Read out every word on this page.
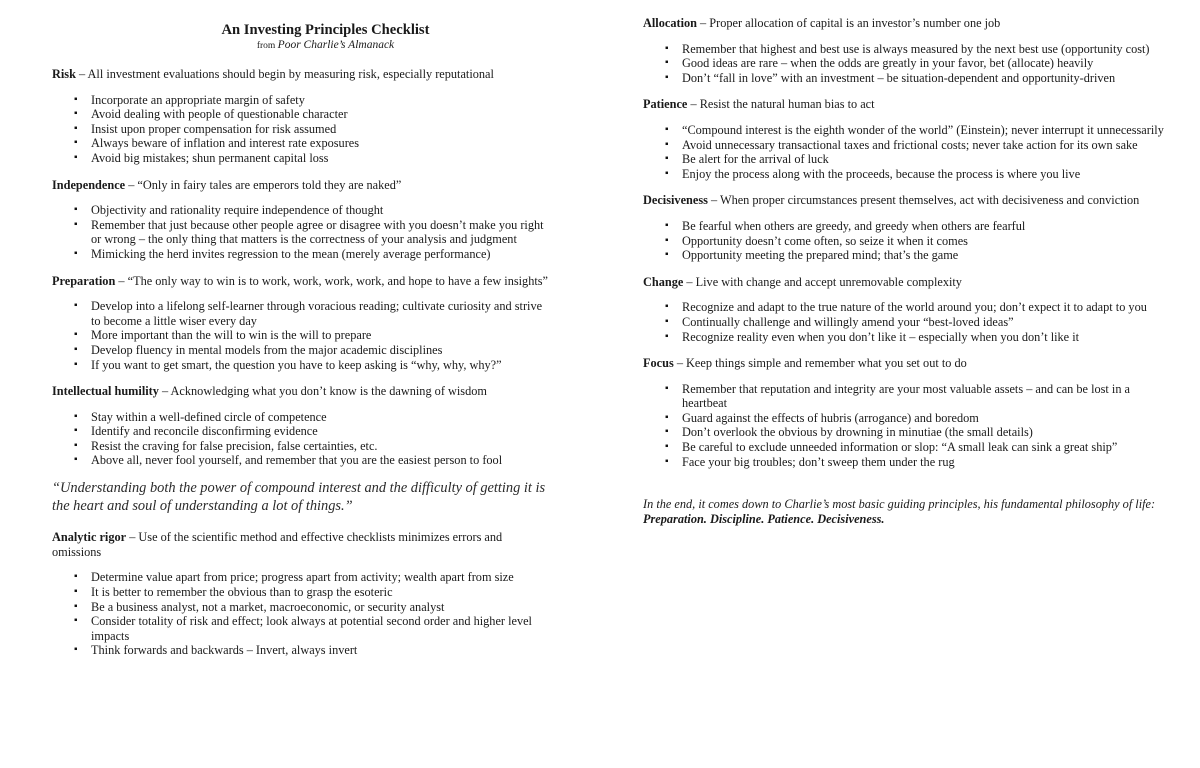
An Investing Principles Checklist
from Poor Charlie’s Almanack
Risk – All investment evaluations should begin by measuring risk, especially reputational
▪ Incorporate an appropriate margin of safety
▪ Avoid dealing with people of questionable character
▪ Insist upon proper compensation for risk assumed
▪ Always beware of inflation and interest rate exposures
▪ Avoid big mistakes; shun permanent capital loss
Independence – “Only in fairy tales are emperors told they are naked”
▪ Objectivity and rationality require independence of thought
▪ Remember that just because other people agree or disagree with you doesn’t make you right or wrong – the only thing that matters is the correctness of your analysis and judgment
▪ Mimicking the herd invites regression to the mean (merely average performance)
Preparation – “The only way to win is to work, work, work, work, and hope to have a few insights”
▪ Develop into a lifelong self-learner through voracious reading; cultivate curiosity and strive to become a little wiser every day
▪ More important than the will to win is the will to prepare
▪ Develop fluency in mental models from the major academic disciplines
▪ If you want to get smart, the question you have to keep asking is “why, why, why?”
Intellectual humility – Acknowledging what you don’t know is the dawning of wisdom
▪ Stay within a well-defined circle of competence
▪ Identify and reconcile disconfirming evidence
▪ Resist the craving for false precision, false certainties, etc.
▪ Above all, never fool yourself, and remember that you are the easiest person to fool
“Understanding both the power of compound interest and the difficulty of getting it is the heart and soul of understanding a lot of things.”
Analytic rigor – Use of the scientific method and effective checklists minimizes errors and omissions
▪ Determine value apart from price; progress apart from activity; wealth apart from size
▪ It is better to remember the obvious than to grasp the esoteric
▪ Be a business analyst, not a market, macroeconomic, or security analyst
▪ Consider totality of risk and effect; look always at potential second order and higher level impacts
▪ Think forwards and backwards – Invert, always invert
Allocation – Proper allocation of capital is an investor’s number one job
▪ Remember that highest and best use is always measured by the next best use (opportunity cost)
▪ Good ideas are rare – when the odds are greatly in your favor, bet (allocate) heavily
▪ Don’t “fall in love” with an investment – be situation-dependent and opportunity-driven
Patience – Resist the natural human bias to act
▪ “Compound interest is the eighth wonder of the world” (Einstein); never interrupt it unnecessarily
▪ Avoid unnecessary transactional taxes and frictional costs; never take action for its own sake
▪ Be alert for the arrival of luck
▪ Enjoy the process along with the proceeds, because the process is where you live
Decisiveness – When proper circumstances present themselves, act with decisiveness and conviction
▪ Be fearful when others are greedy, and greedy when others are fearful
▪ Opportunity doesn’t come often, so seize it when it comes
▪ Opportunity meeting the prepared mind; that’s the game
Change – Live with change and accept unremovable complexity
▪ Recognize and adapt to the true nature of the world around you; don’t expect it to adapt to you
▪ Continually challenge and willingly amend your “best-loved ideas”
▪ Recognize reality even when you don’t like it – especially when you don’t like it
Focus – Keep things simple and remember what you set out to do
▪ Remember that reputation and integrity are your most valuable assets – and can be lost in a heartbeat
▪ Guard against the effects of hubris (arrogance) and boredom
▪ Don’t overlook the obvious by drowning in minutiae (the small details)
▪ Be careful to exclude unneeded information or slop: “A small leak can sink a great ship”
▪ Face your big troubles; don’t sweep them under the rug
In the end, it comes down to Charlie’s most basic guiding principles, his fundamental philosophy of life: Preparation. Discipline. Patience. Decisiveness.
